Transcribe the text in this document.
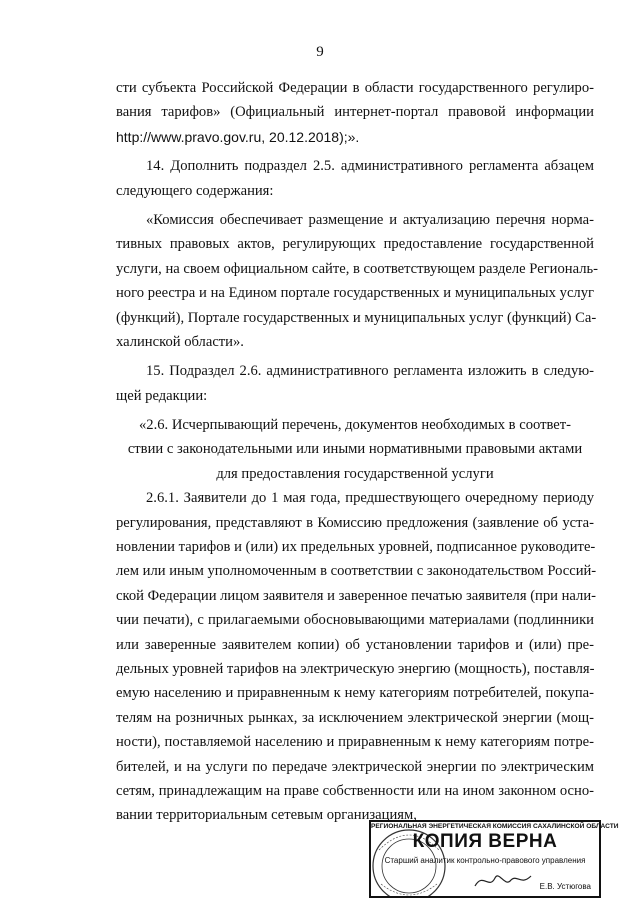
9
сти субъекта Российской Федерации в области государственного регулиро-
вания тарифов» (Официальный интернет-портал правовой информации
http://www.pravo.gov.ru, 20.12.2018);».
14. Дополнить подраздел 2.5. административного регламента абзацем
следующего содержания:
«Комиссия обеспечивает размещение и актуализацию перечня норма-
тивных правовых актов, регулирующих предоставление государственной
услуги, на своем официальном сайте, в соответствующем разделе Региональ-
ного реестра и на Едином портале государственных и муниципальных услуг
(функций), Портале государственных и муниципальных услуг (функций) Са-
халинской области».
15. Подраздел 2.6. административного регламента изложить в следую-
щей редакции:
«2.6. Исчерпывающий перечень, документов необходимых в соответ-
ствии с законодательными или иными нормативными правовыми актами
для предоставления государственной услуги
2.6.1. Заявители до 1 мая года, предшествующего очередному периоду
регулирования, представляют в Комиссию предложения (заявление об уста-
новлении тарифов и (или) их предельных уровней, подписанное руководите-
лем или иным уполномоченным в соответствии с законодательством Россий-
ской Федерации лицом заявителя и заверенное печатью заявителя (при нали-
чии печати), с прилагаемыми обосновывающими материалами (подлинники
или заверенные заявителем копии) об установлении тарифов и (или) пре-
дельных уровней тарифов на электрическую энергию (мощность), поставля-
емую населению и приравненным к нему категориям потребителей, покупа-
телям на розничных рынках, за исключением электрической энергии (мощ-
ности), поставляемой населению и приравненным к нему категориям потре-
бителей, и на услуги по передаче электрической энергии по электрическим
сетям, принадлежащим на праве собственности или на ином законном осно-
вании территориальным сетевым организациям,
РЕГИОНАЛЬНАЯ ЭНЕРГЕТИЧЕСКАЯ КОМИССИЯ САХАЛИНСКОЙ ОБЛАСТИ
КОПИЯ ВЕРНА
Старший аналитик контрольно-правового управления
Е.В. Устюгова
